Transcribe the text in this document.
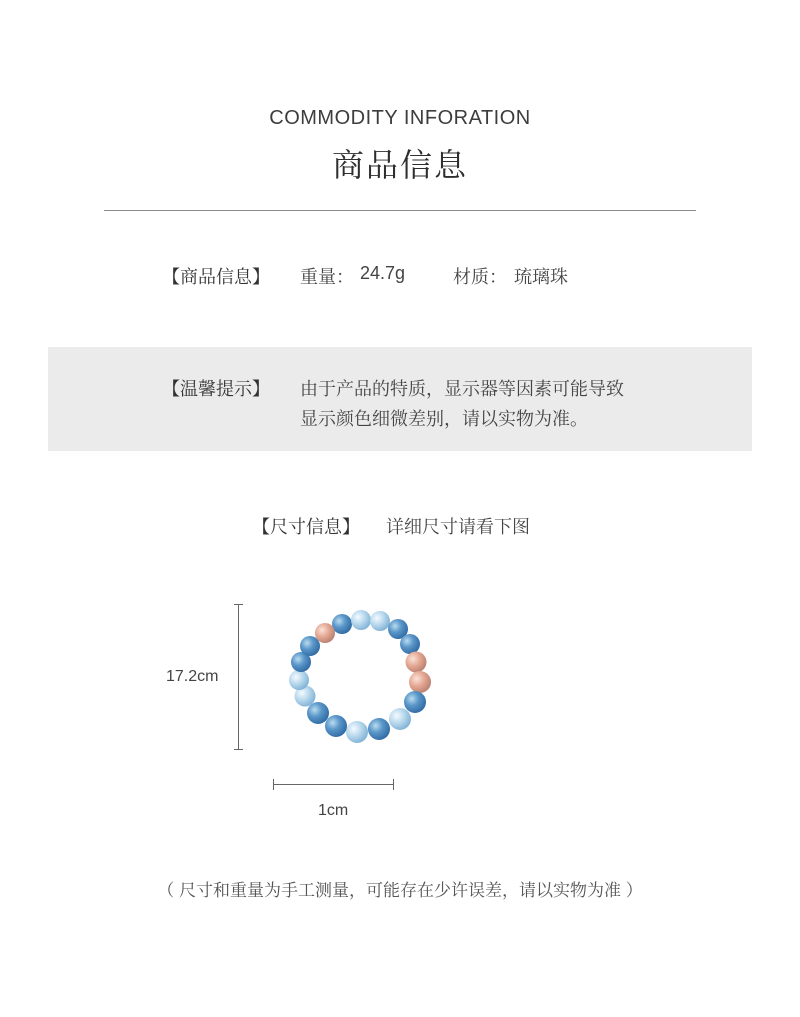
COMMODITY INFORATION
商品信息
【商品信息】 重量： 24.7g	材质： 琉璃珠
【温馨提示】 由于产品的特质，显示器等因素可能导致
显示颜色细微差别，请以实物为准。
【尺寸信息】 详细尺寸请看下图
17.2cm
1cm
（ 尺寸和重量为手工测量，可能存在少许误差，请以实物为准 ）
